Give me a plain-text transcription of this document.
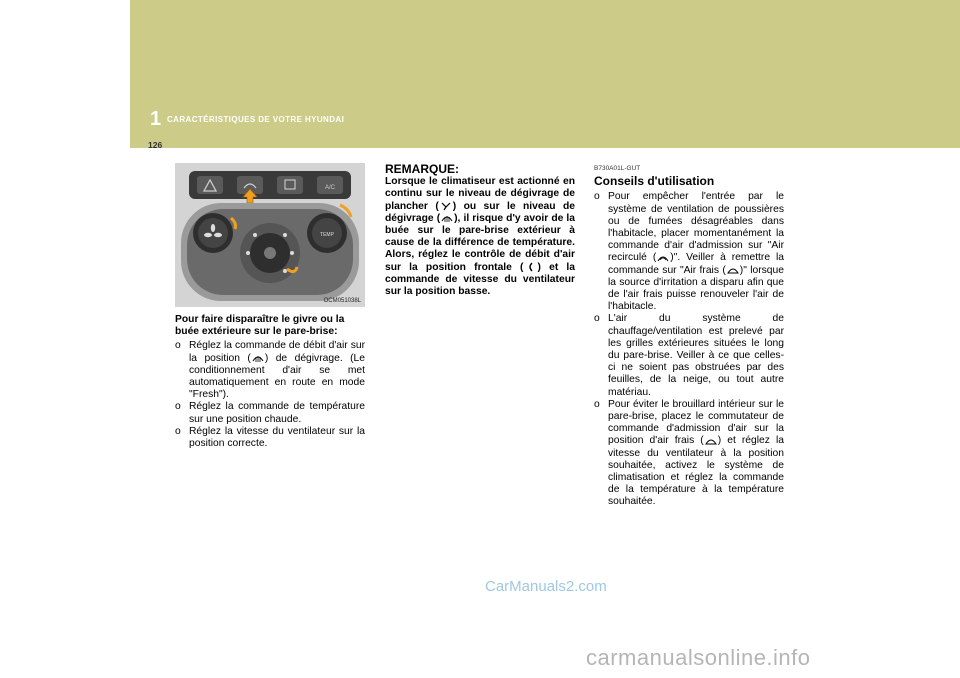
1 CARACTÉRISTIQUES DE VOTRE HYUNDAI
126
A/C
TEMP
OCM051038L
Pour faire disparaître le givre ou la buée extérieure sur le pare-brise:
o Réglez la commande de débit d'air sur la position ( ) de dégivrage. (Le conditionnement d'air se met automatiquement en route en mode "Fresh").
o Réglez la commande de température sur une position chaude.
o Réglez la vitesse du ventilateur sur la position correcte.
REMARQUE:
Lorsque le climatiseur est actionné en continu sur le niveau de dégivrage de plancher ( ) ou sur le niveau de dégivrage ( ), il risque d'y avoir de la buée sur le pare-brise extérieur à cause de la différence de température. Alors, réglez le contrôle de débit d'air sur la position frontale ( ) et la commande de vitesse du ventilateur sur la position basse.
B730A01L-GUT
Conseils d'utilisation
o Pour empêcher l'entrée par le système de ventilation de poussières ou de fumées désagréables dans l'habitacle, placer momentanément la commande d'air d'admission sur "Air recirculé ( )". Veiller à remettre la commande sur "Air frais ( )" lorsque la source d'irritation a disparu afin que de l'air frais puisse renouveler l'air de l'habitacle.
o L'air du système de chauffage/ventilation est prelevé par les grilles extérieures situées le long du pare-brise. Veiller à ce que celles-ci ne soient pas obstruées par des feuilles, de la neige, ou tout autre matériau.
o Pour éviter le brouillard intérieur sur le pare-brise, placez le commutateur de commande d'admission d'air sur la position d'air frais ( ) et réglez la vitesse du ventilateur à la position souhaitée, activez le système de climatisation et réglez la commande de la température à la température souhaitée.
CarManuals2.com
carmanualsonline.info
